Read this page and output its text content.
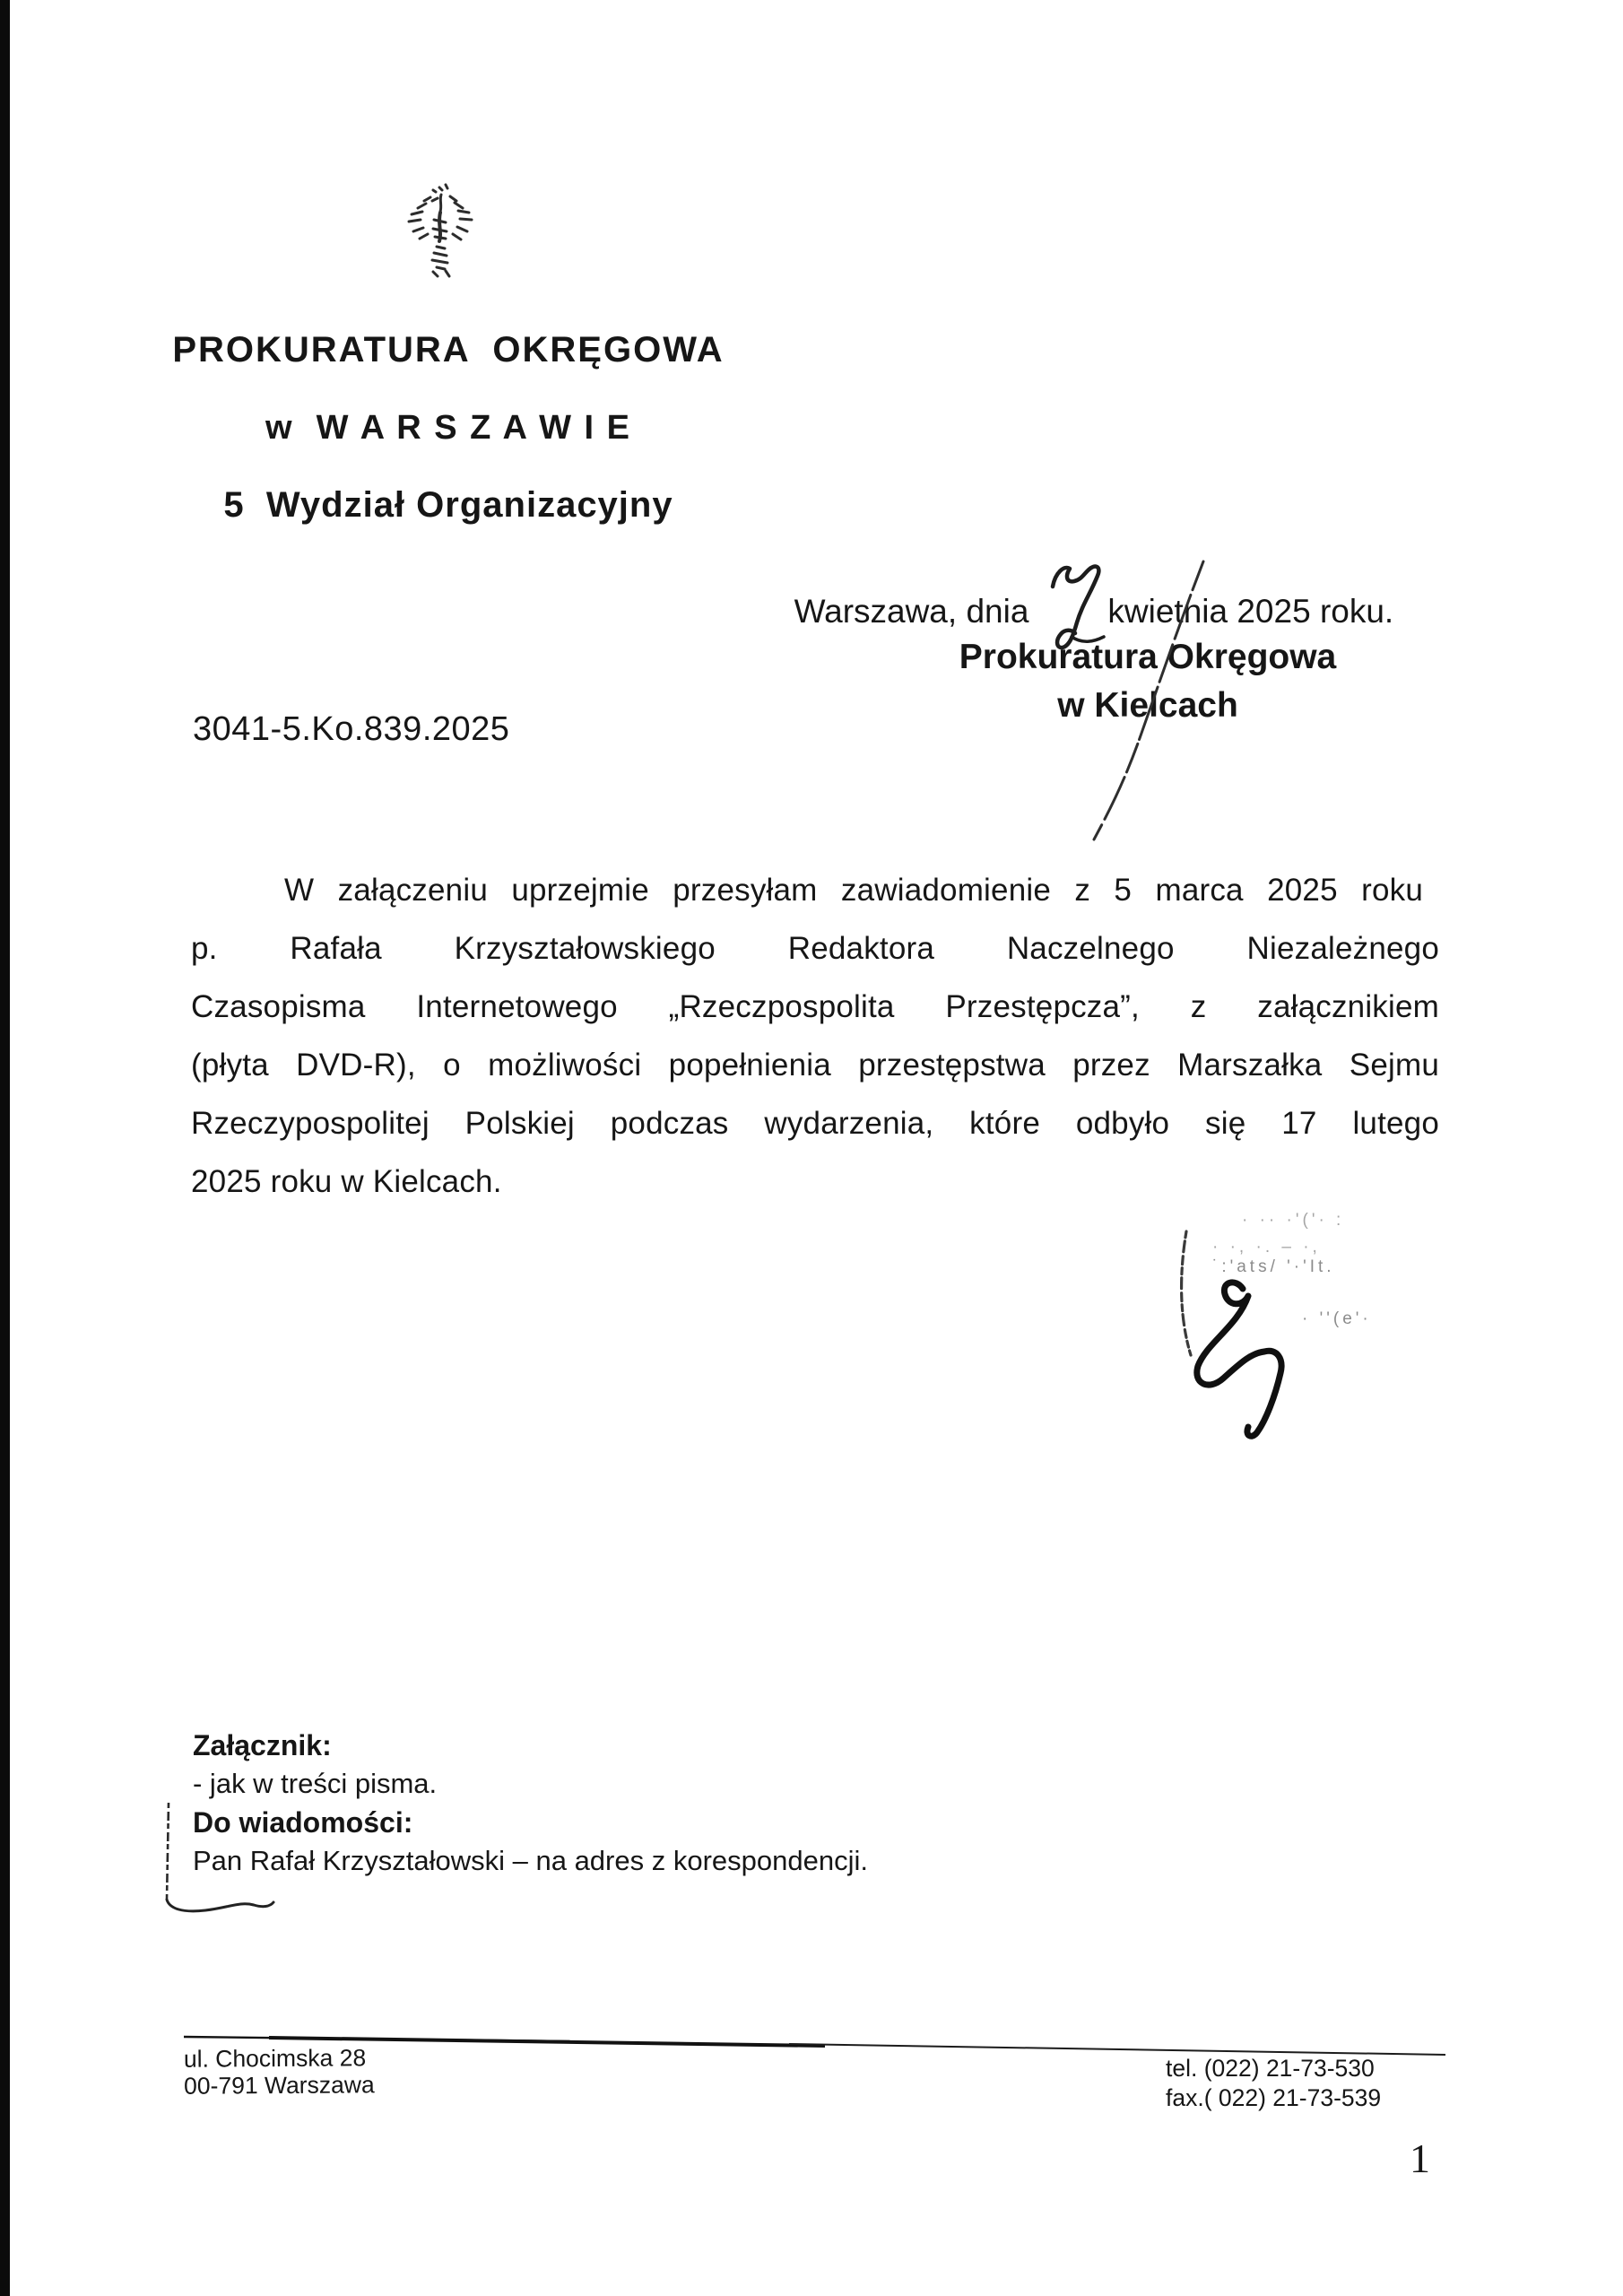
PROKURATURA  OKRĘGOWA

w  W A R S Z A W I E

5  Wydział Organizacyjny

Warszawa, dnia kwietnia 2025 roku.

Prokuratura Okręgowa
w Kielcach
3041-5.Ko.839.2025
W załączeniu uprzejmie przesyłam zawiadomienie z 5 marca 2025 roku
p. Rafała Krzyształowskiego Redaktora Naczelnego Niezależnego
Czasopisma Internetowego „Rzeczpospolita Przestępcza”, z załącznikiem
(płyta DVD-R), o możliwości popełnienia przestępstwa przez Marszałka Sejmu
Rzeczypospolitej Polskiej podczas wydarzenia, które odbyło się 17 lutego
2025 roku w Kielcach.
· ·· ·'('· :
· ·, ·. – ·,
˙:'ats/ '·'It.
· ''(e'·
Załącznik:
- jak w treści pisma.
Do wiadomości:
Pan Rafał Krzyształowski – na adres z korespondencji.
ul. Chocimska 28
00-791 Warszawa
tel. (022) 21-73-530
fax.( 022) 21-73-539
1
